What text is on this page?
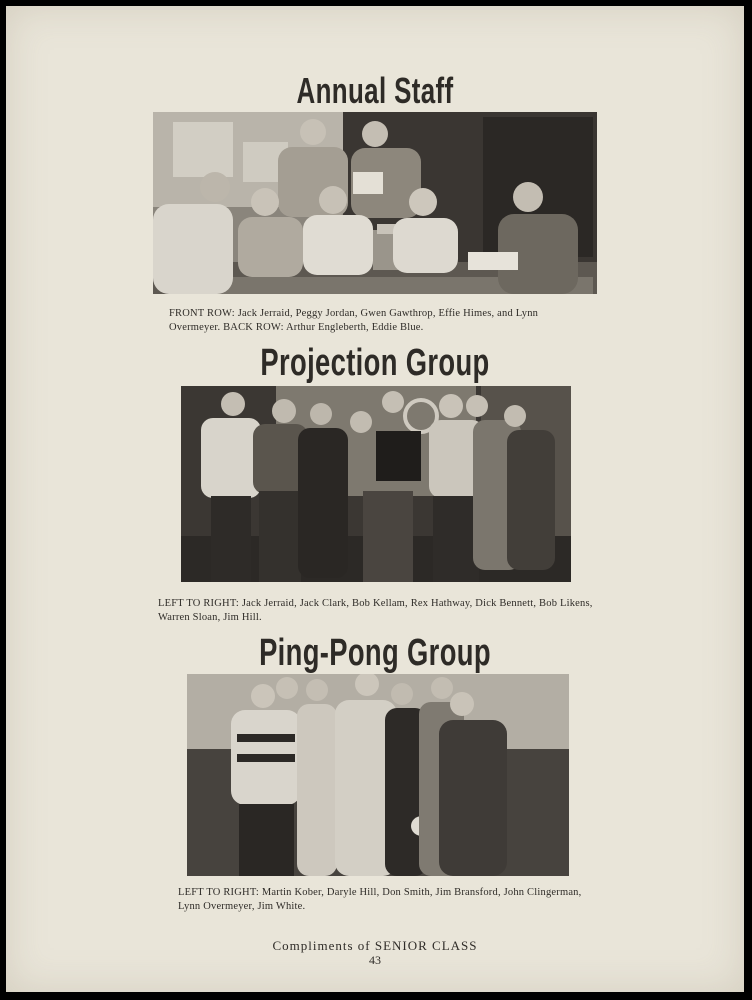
Annual Staff
FRONT ROW: Jack Jerraid, Peggy Jordan, Gwen Gawthrop, Effie Himes, and Lynn Overmeyer. BACK ROW: Arthur Engleberth, Eddie Blue.
Projection Group
LEFT TO RIGHT: Jack Jerraid, Jack Clark, Bob Kellam, Rex Hathway, Dick Bennett, Bob Likens, Warren Sloan, Jim Hill.
Ping-Pong Group
LEFT TO RIGHT: Martin Kober, Daryle Hill, Don Smith, Jim Bransford, John Clingerman, Lynn Overmeyer, Jim White.
Compliments of SENIOR CLASS
43
